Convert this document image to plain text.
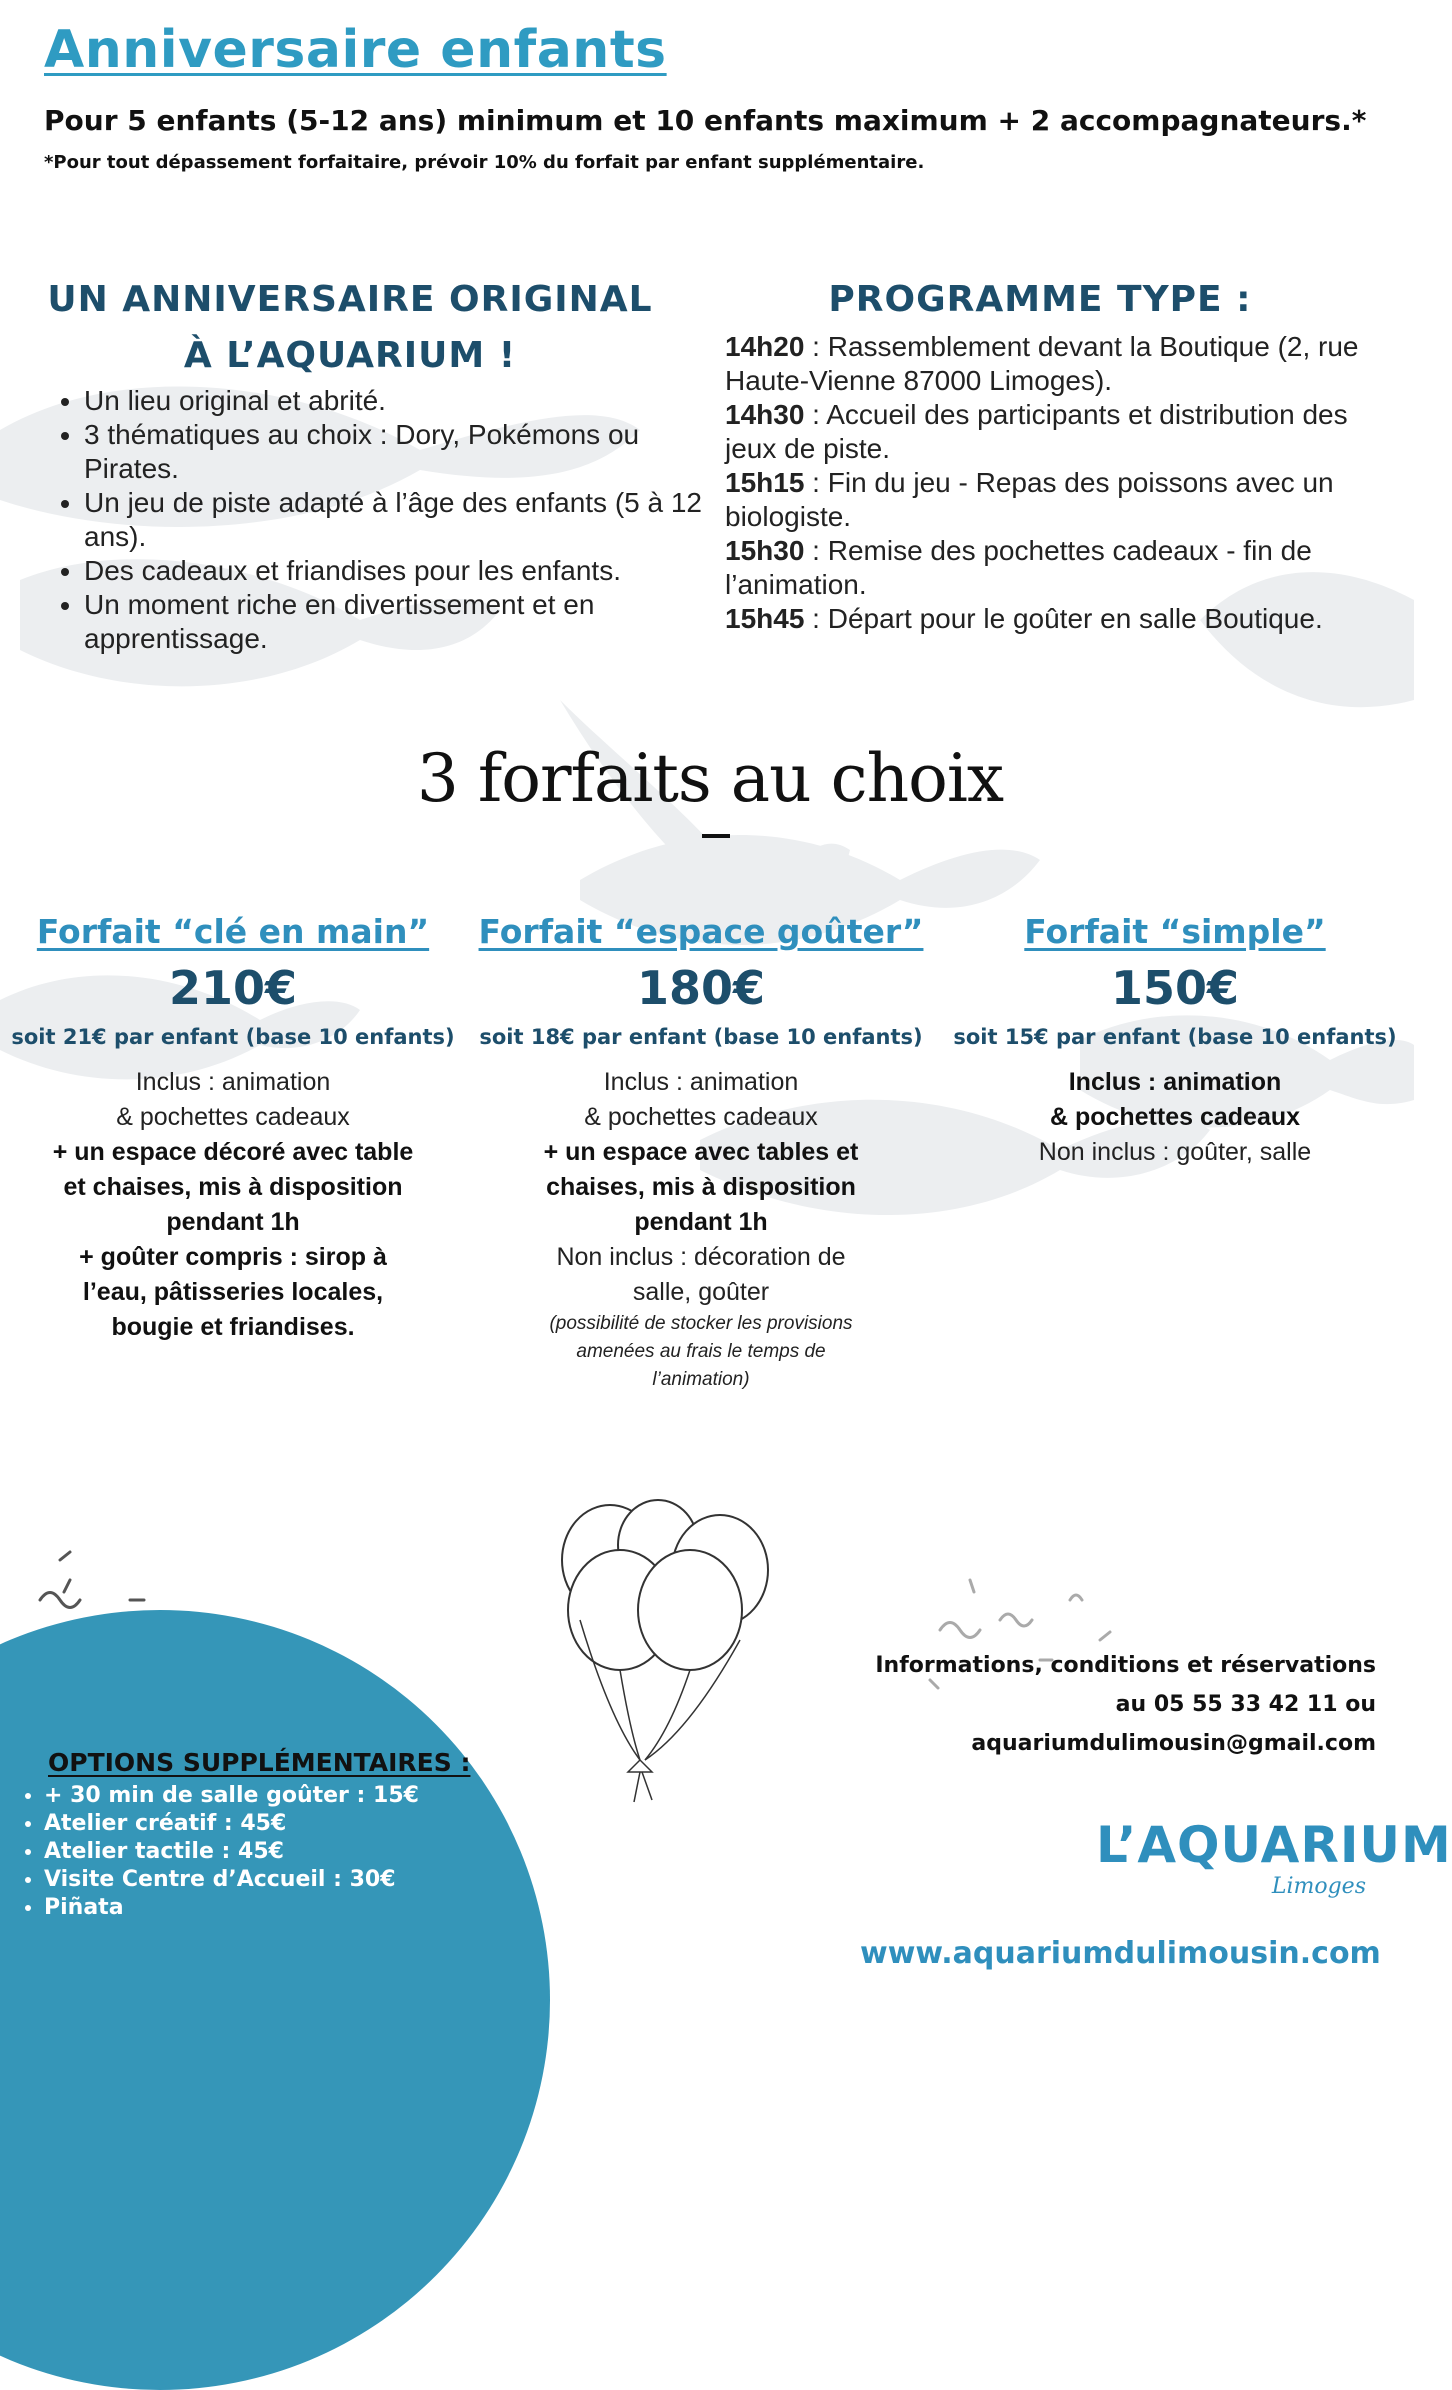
Anniversaire enfants
Pour 5 enfants (5-12 ans) minimum et 10 enfants maximum + 2 accompagnateurs.*
*Pour tout dépassement forfaitaire, prévoir 10% du forfait par enfant supplémentaire.
UN ANNIVERSAIRE ORIGINAL
À L’AQUARIUM !
• Un lieu original et abrité.
• 3 thématiques au choix : Dory, Pokémons ou Pirates.
• Un jeu de piste adapté à l’âge des enfants (5 à 12 ans).
• Des cadeaux et friandises pour les enfants.
• Un moment riche en divertissement et en apprentissage.
PROGRAMME TYPE :

14h20 : Rassemblement devant la Boutique (2, rue Haute-Vienne 87000 Limoges).

14h30 : Accueil des participants et distribution des jeux de piste.

15h15 : Fin du jeu - Repas des poissons avec un biologiste.

15h30 : Remise des pochettes cadeaux - fin de l’animation.

15h45 : Départ pour le goûter en salle Boutique.

3 forfaits au choix
Forfait “clé en main”
210€
soit 21€ par enfant (base 10 enfants)
Inclus : animation
& pochettes cadeaux
+ un espace décoré avec table
et chaises, mis à disposition
pendant 1h
+ goûter compris : sirop à
l’eau, pâtisseries locales,
bougie et friandises.
Forfait “espace goûter”
180€
soit 18€ par enfant (base 10 enfants)
Inclus : animation
& pochettes cadeaux
+ un espace avec tables et
chaises, mis à disposition
pendant 1h
Non inclus : décoration de
salle, goûter
(possibilité de stocker les provisions
amenées au frais le temps de
l’animation)
Forfait “simple”
150€
soit 15€ par enfant (base 10 enfants)
Inclus : animation
& pochettes cadeaux
Non inclus : goûter, salle
OPTIONS SUPPLÉMENTAIRES :
• + 30 min de salle goûter : 15€
• Atelier créatif : 45€
• Atelier tactile : 45€
• Visite Centre d’Accueil : 30€
• Piñata
Informations, conditions et réservations
au 05 55 33 42 11 ou
aquariumdulimousin@gmail.com
L’AQUARIUM
Limoges
www.aquariumdulimousin.com
